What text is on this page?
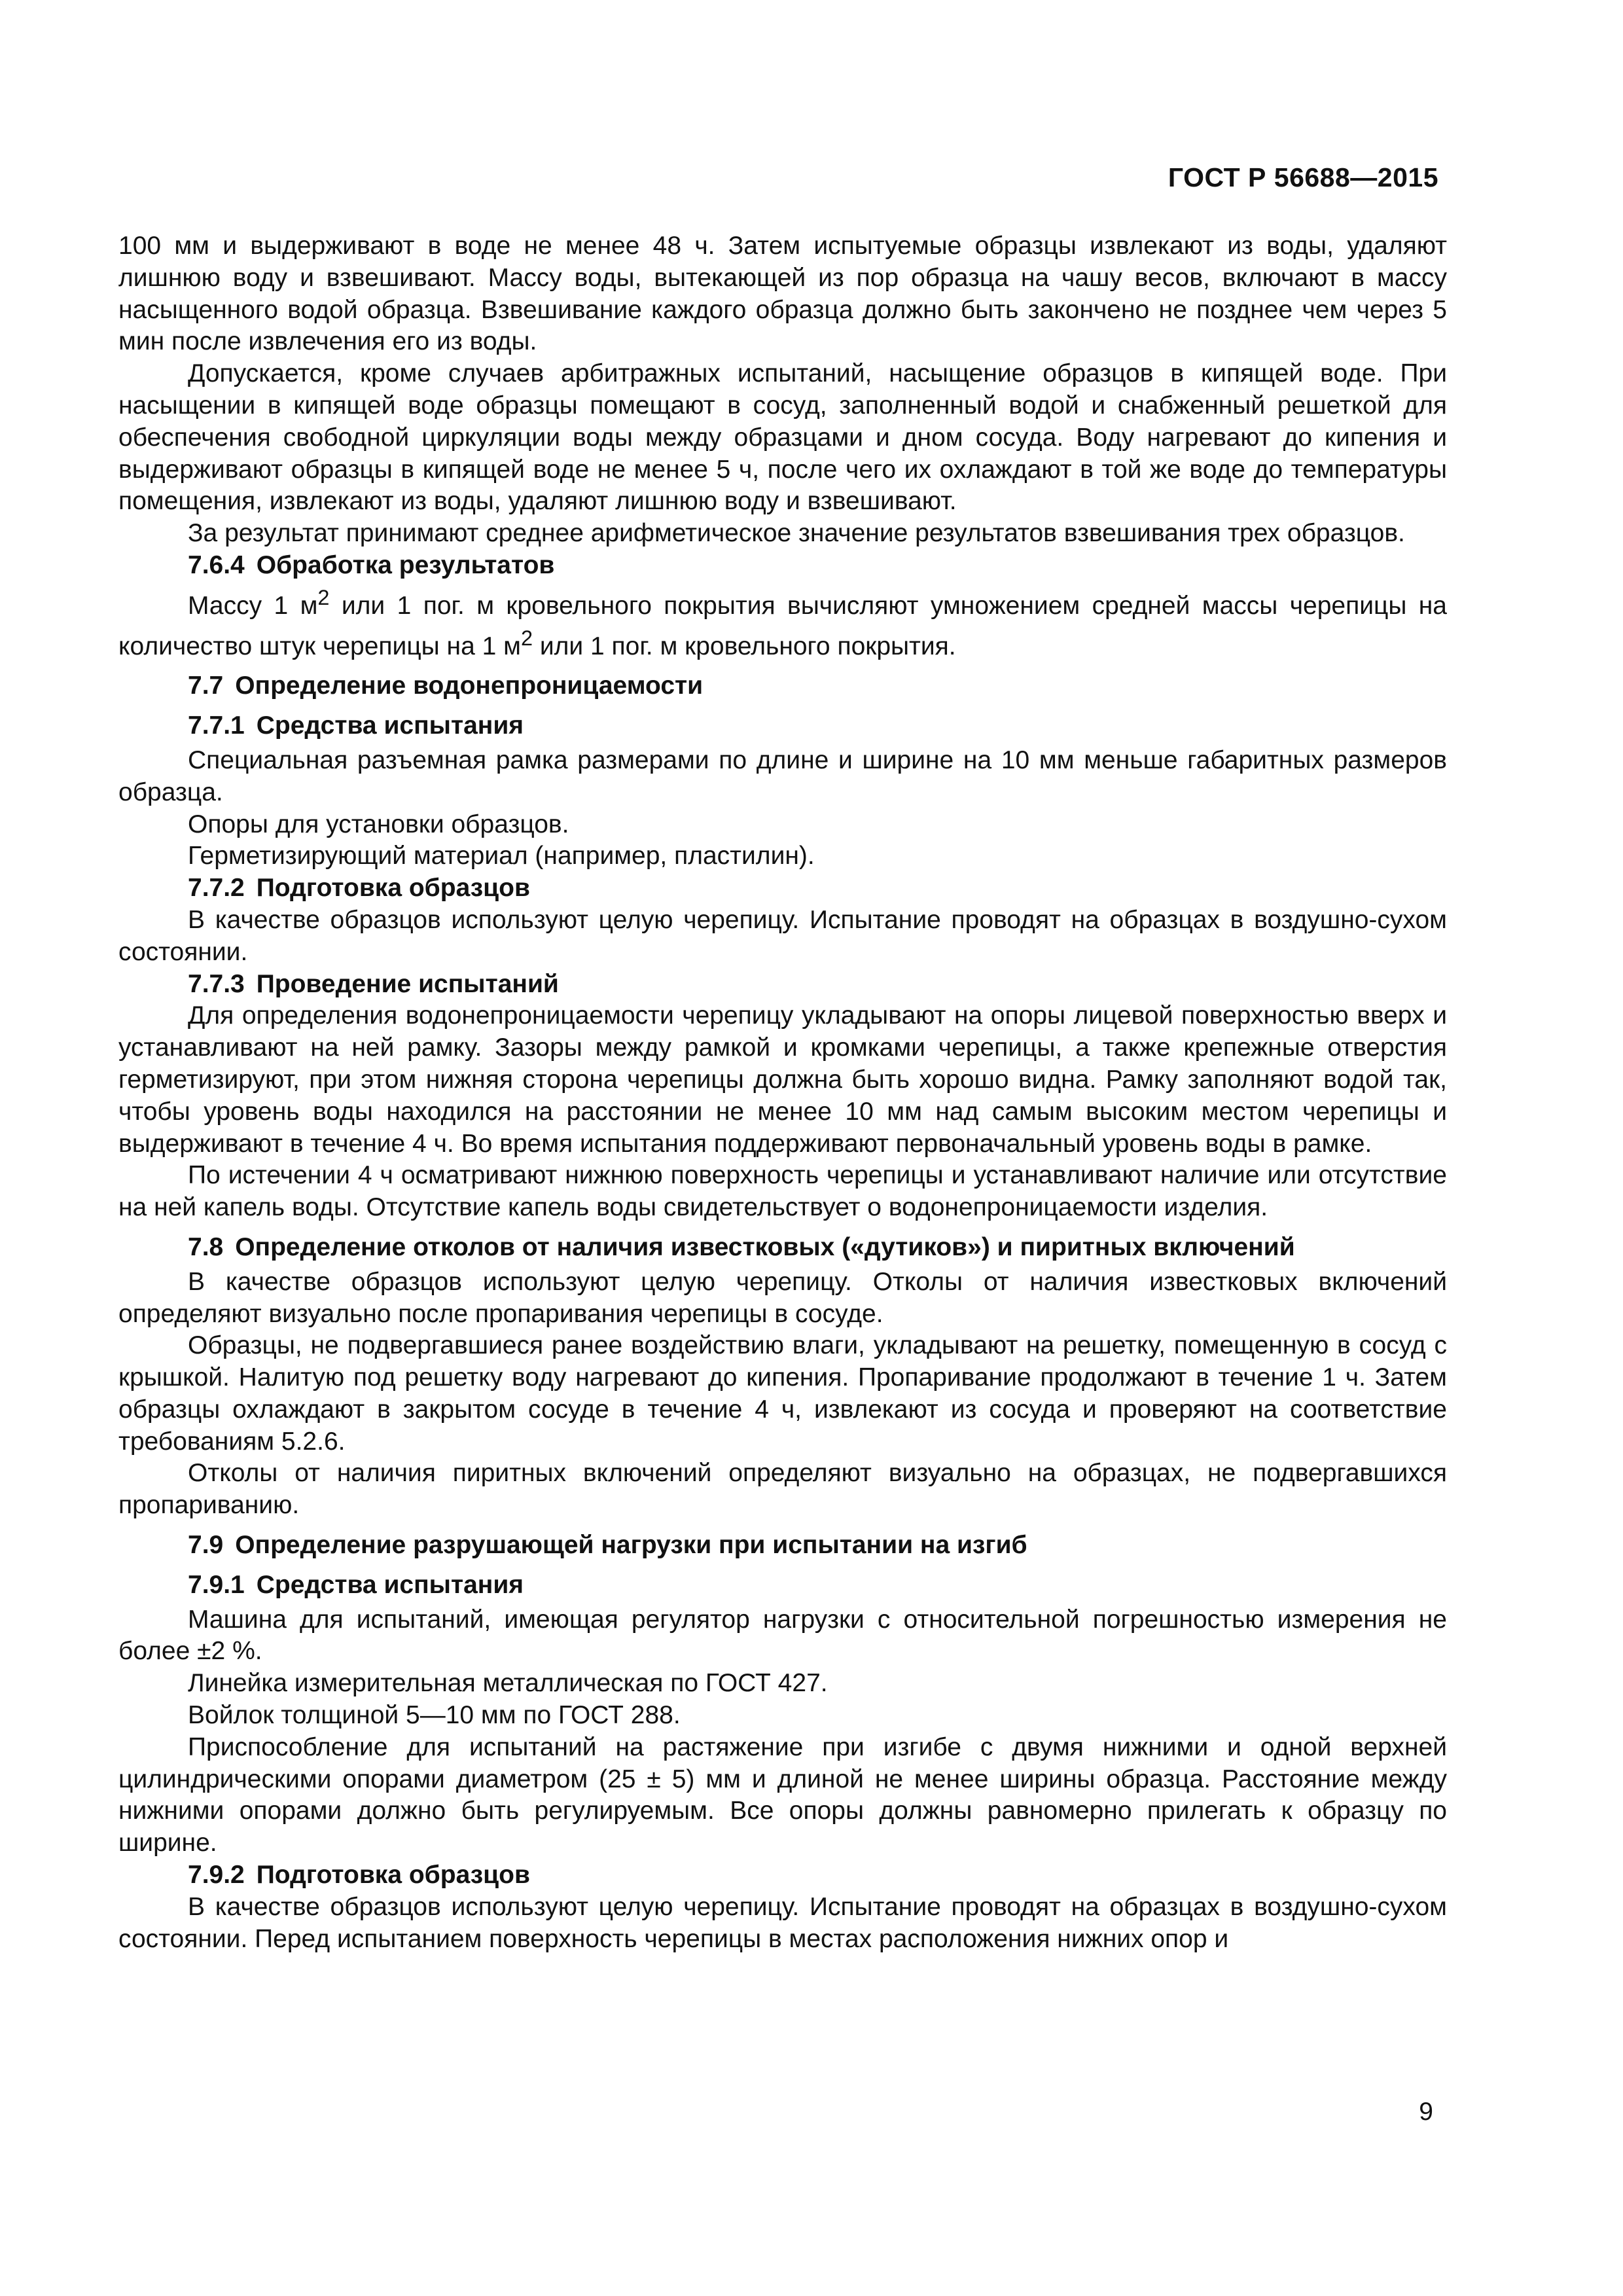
ГОСТ Р 56688—2015

100 мм и выдерживают в воде не менее 48 ч. Затем испытуемые образцы извлекают из воды, удаляют лишнюю воду и взвешивают. Массу воды, вытекающей из пор образца на чашу весов, включают в массу насыщенного водой образца. Взвешивание каждого образца должно быть закончено не позднее чем через 5 мин после извлечения его из воды.

Допускается, кроме случаев арбитражных испытаний, насыщение образцов в кипящей воде. При насыщении в кипящей воде образцы помещают в сосуд, заполненный водой и снабженный решеткой для обеспечения свободной циркуляции воды между образцами и дном сосуда. Воду нагревают до кипения и выдерживают образцы в кипящей воде не менее 5 ч, после чего их охлаждают в той же воде до температуры помещения, извлекают из воды, удаляют лишнюю воду и взвешивают.

За результат принимают среднее арифметическое значение результатов взвешивания трех образцов.

7.6.4 Обработка результатов

Массу 1 $м^2$ или 1 пог. м кровельного покрытия вычисляют умножением средней массы черепицы на количество штук черепицы на 1 $м^2$ или 1 пог. м кровельного покрытия.

7.7 Определение водонепроницаемости

7.7.1 Средства испытания

Специальная разъемная рамка размерами по длине и ширине на 10 мм меньше габаритных размеров образца.

Опоры для установки образцов.

Герметизирующий материал (например, пластилин).

7.7.2 Подготовка образцов

В качестве образцов используют целую черепицу. Испытание проводят на образцах в воздушно-сухом состоянии.

7.7.3 Проведение испытаний

Для определения водонепроницаемости черепицу укладывают на опоры лицевой поверхностью вверх и устанавливают на ней рамку. Зазоры между рамкой и кромками черепицы, а также крепежные отверстия герметизируют, при этом нижняя сторона черепицы должна быть хорошо видна. Рамку заполняют водой так, чтобы уровень воды находился на расстоянии не менее 10 мм над самым высоким местом черепицы и выдерживают в течение 4 ч. Во время испытания поддерживают первоначальный уровень воды в рамке.

По истечении 4 ч осматривают нижнюю поверхность черепицы и устанавливают наличие или отсутствие на ней капель воды. Отсутствие капель воды свидетельствует о водонепроницаемости изделия.

7.8 Определение отколов от наличия известковых («дутиков») и пиритных включений

В качестве образцов используют целую черепицу. Отколы от наличия известковых включений определяют визуально после пропаривания черепицы в сосуде.

Образцы, не подвергавшиеся ранее воздействию влаги, укладывают на решетку, помещенную в сосуд с крышкой. Налитую под решетку воду нагревают до кипения. Пропаривание продолжают в течение 1 ч. Затем образцы охлаждают в закрытом сосуде в течение 4 ч, извлекают из сосуда и проверяют на соответствие требованиям 5.2.6.

Отколы от наличия пиритных включений определяют визуально на образцах, не подвергавшихся пропариванию.

7.9 Определение разрушающей нагрузки при испытании на изгиб

7.9.1 Средства испытания

Машина для испытаний, имеющая регулятор нагрузки с относительной погрешностью измерения не более ±2 %.

Линейка измерительная металлическая по ГОСТ 427.

Войлок толщиной 5—10 мм по ГОСТ 288.

Приспособление для испытаний на растяжение при изгибе с двумя нижними и одной верхней цилиндрическими опорами диаметром (25 ± 5) мм и длиной не менее ширины образца. Расстояние между нижними опорами должно быть регулируемым. Все опоры должны равномерно прилегать к образцу по ширине.

7.9.2 Подготовка образцов

В качестве образцов используют целую черепицу. Испытание проводят на образцах в воздушно-сухом состоянии. Перед испытанием поверхность черепицы в местах расположения нижних опор и

9
